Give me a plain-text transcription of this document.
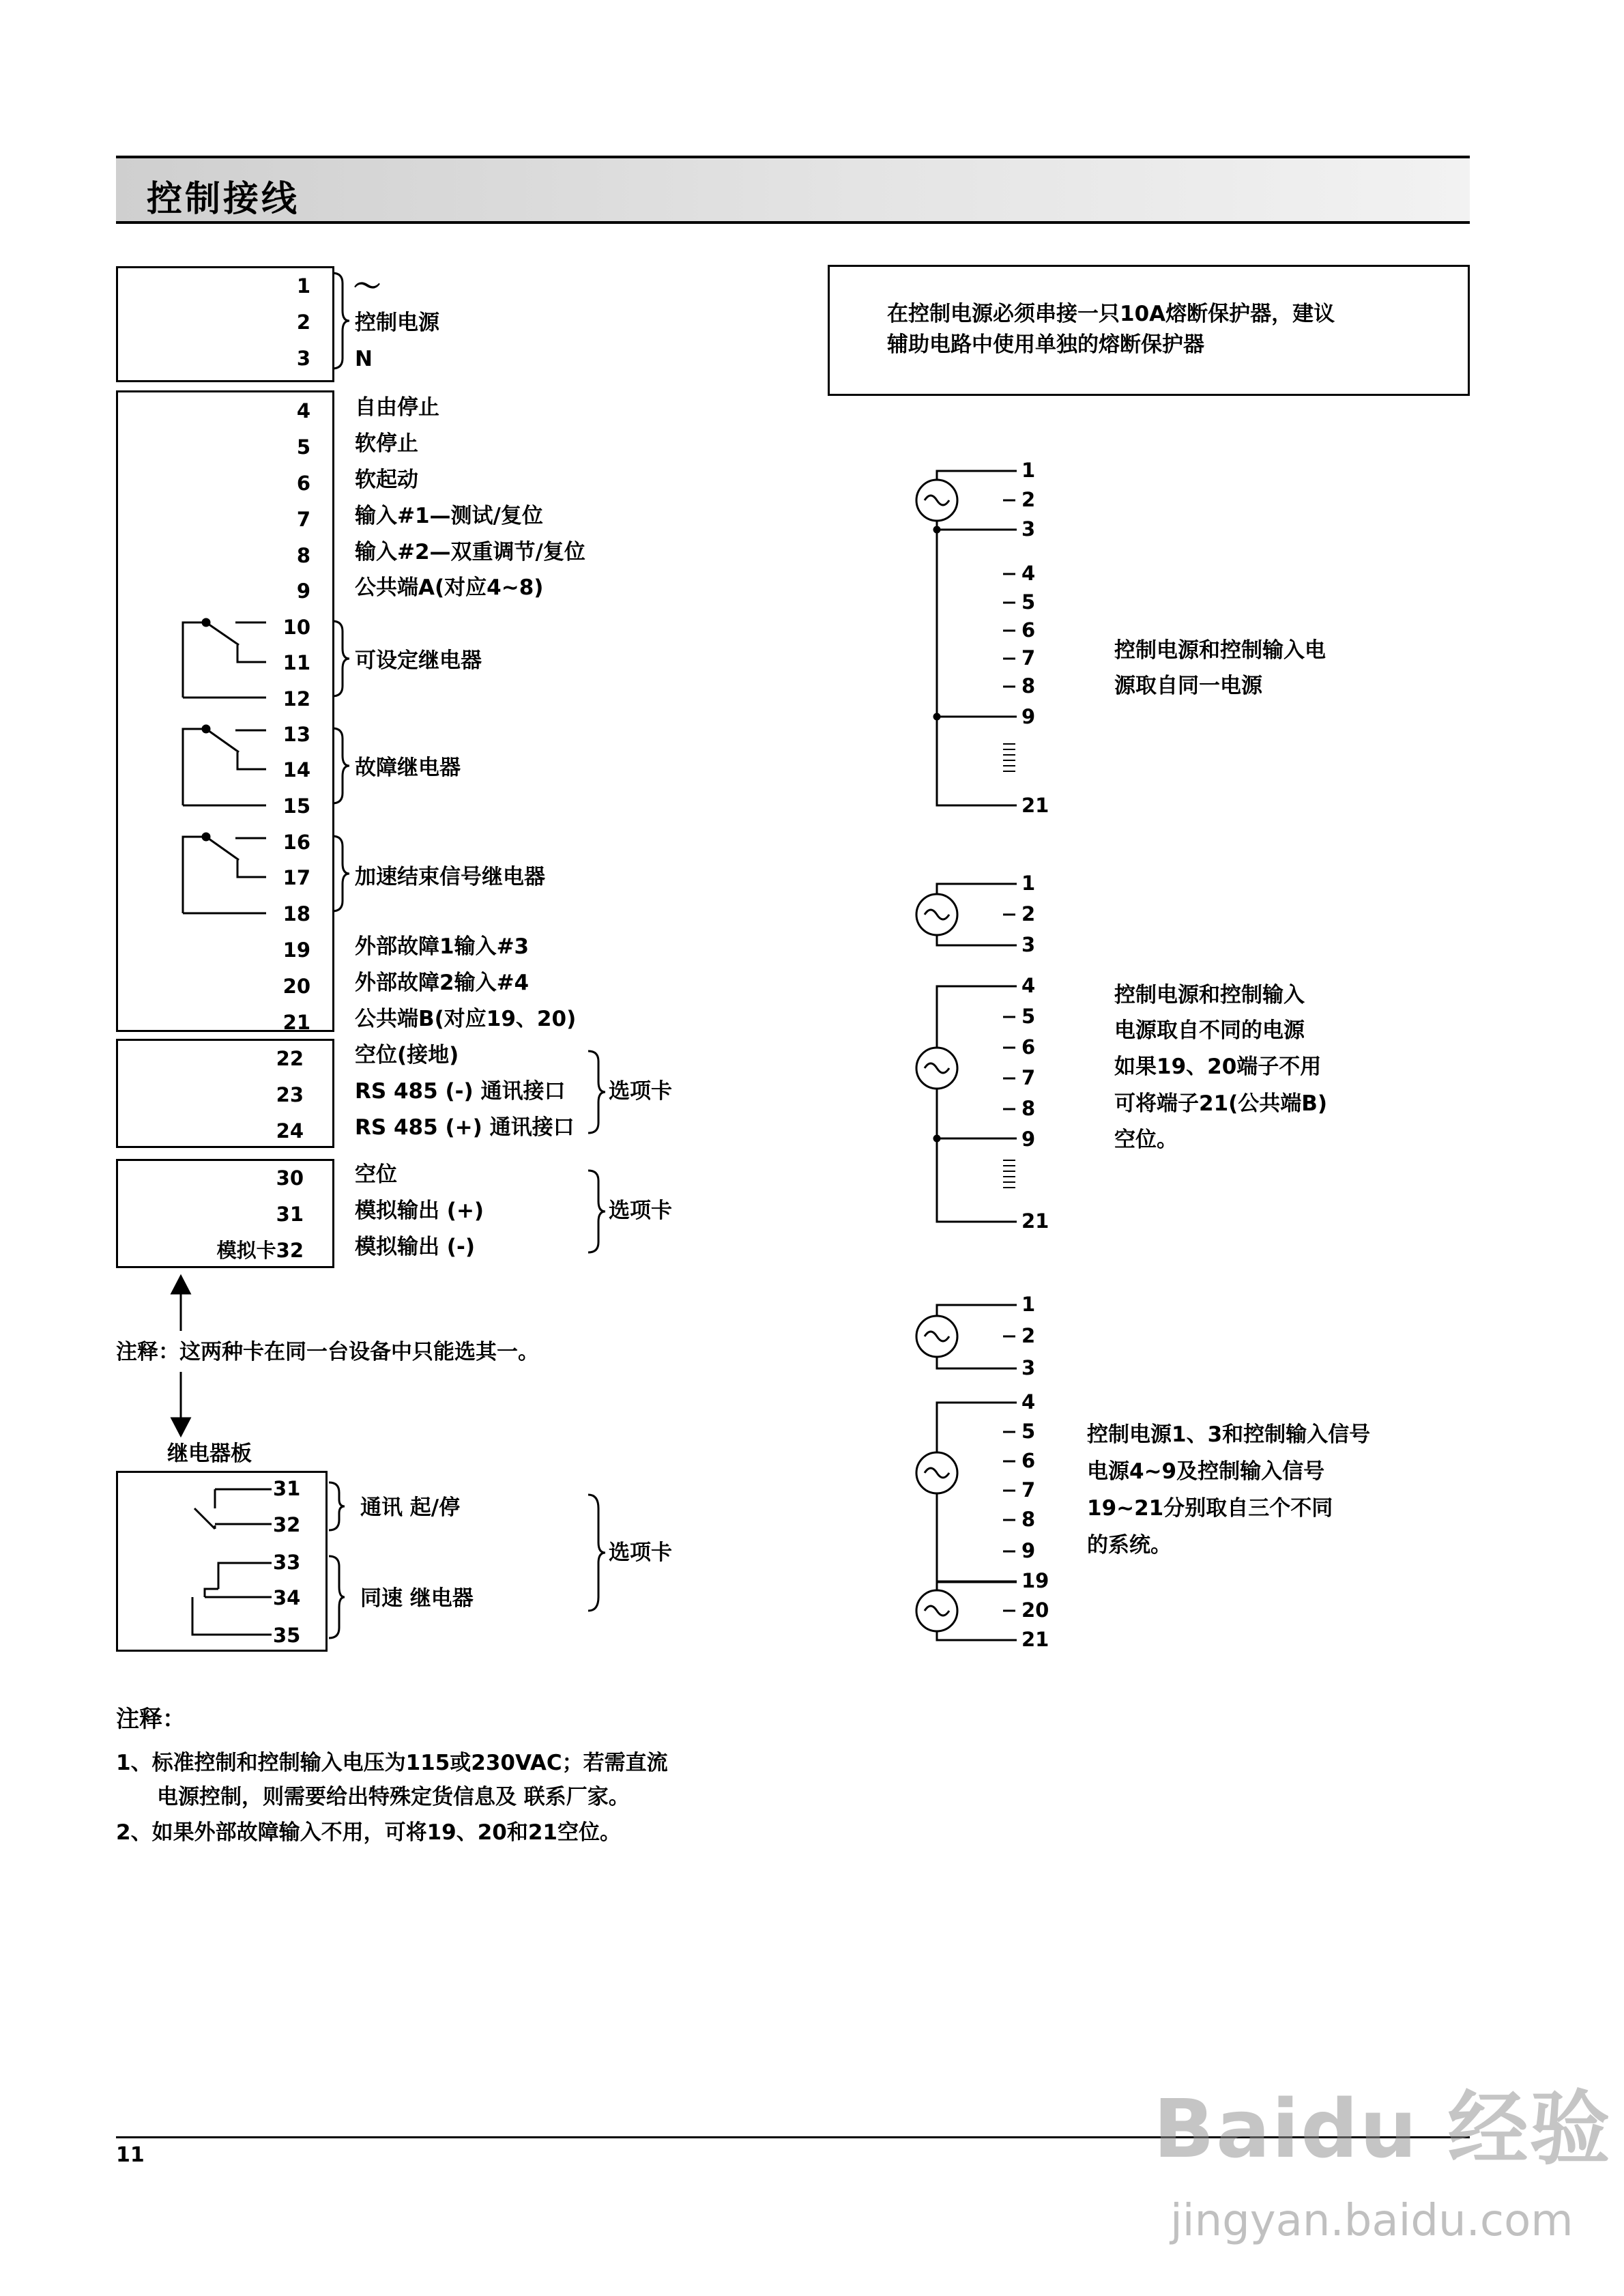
控制接线
1
2
3
～
控制电源
N
4
5
6
7
8
9
自由停止
软停止
软起动
输入#1—测试/复位
输入#2—双重调节/复位
公共端A(对应4~8)
10
11
12
可设定继电器
13
14
15
故障继电器
16
17
18
加速结束信号继电器
19
20
21
外部故障1输入#3
外部故障2输入#4
公共端B(对应19、20)
22
23
24
空位(接地)
RS 485 (-) 通讯接口
RS 485 (+) 通讯接口
选项卡
30
31
模拟卡32
空位
模拟输出 (+)
模拟输出 (-)
选项卡
注释：这两种卡在同一台设备中只能选其一。
继电器板
31
32
33
34
35
通讯 起/停
同速 继电器
选项卡
在控制电源必须串接一只10A熔断保护器，建议
辅助电路中使用单独的熔断保护器
1
2
3
4
5
6
7
8
9
21
控制电源和控制输入电
源取自同一电源
1
2
3
4
5
6
7
8
9
21
控制电源和控制输入
电源取自不同的电源
如果19、20端子不用
可将端子21(公共端B)
空位。
1
2
3
4
5
6
7
8
9
19
20
21
控制电源1、3和控制输入信号
电源4~9及控制输入信号
19~21分别取自三个不同
的系统。
注释：
1、标准控制和控制输入电压为115或230VAC；若需直流
电源控制，则需要给出特殊定货信息及 联系厂家。
2、如果外部故障输入不用，可将19、20和21空位。
11	Baidu 经验
jingyan.baidu.com
